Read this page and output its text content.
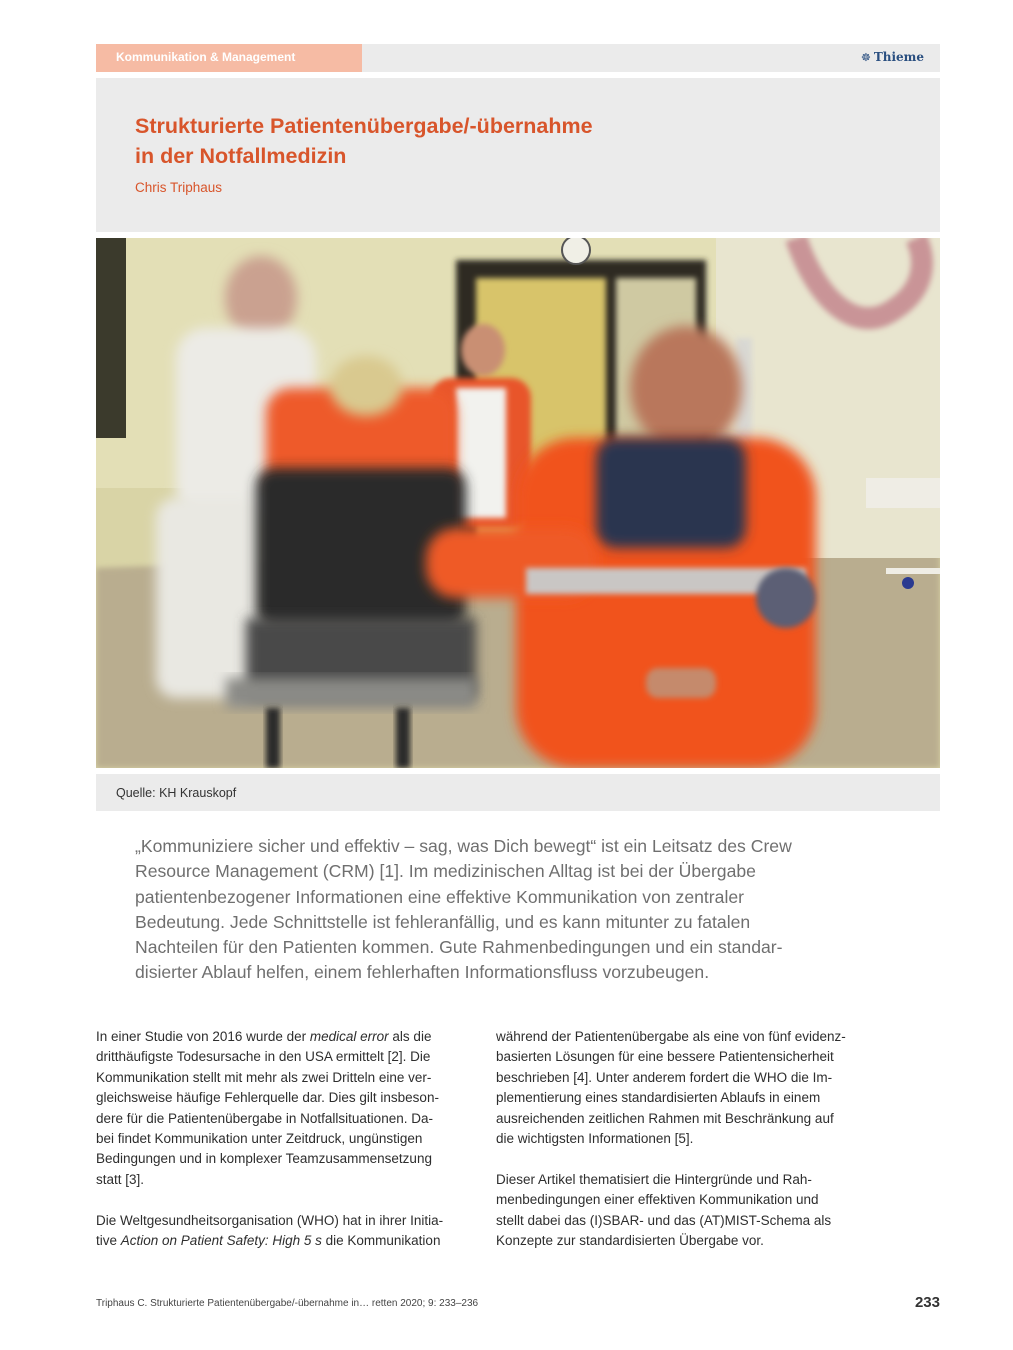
Kommunikation & Management	☸ Thieme
Strukturierte Patientenübergabe/-übernahme
in der Notfallmedizin
Chris Triphaus
Quelle: KH Krauskopf
„Kommuniziere sicher und effektiv – sag, was Dich bewegt“ ist ein Leitsatz des Crew
Resource Management (CRM) [1]. Im medizinischen Alltag ist bei der Übergabe
patientenbezogener Informationen eine effektive Kommunikation von zentraler
Bedeutung. Jede Schnittstelle ist fehleranfällig, und es kann mitunter zu fatalen
Nachteilen für den Patienten kommen. Gute Rahmenbedingungen und ein standar-
disierter Ablauf helfen, einem fehlerhaften Informationsfluss vorzubeugen.
In einer Studie von 2016 wurde der medical error als die
dritthäufigste Todesursache in den USA ermittelt [2]. Die
Kommunikation stellt mit mehr als zwei Dritteln eine ver-
gleichsweise häufige Fehlerquelle dar. Dies gilt insbeson-
dere für die Patientenübergabe in Notfallsituationen. Da-
bei findet Kommunikation unter Zeitdruck, ungünstigen
Bedingungen und in komplexer Teamzusammensetzung
statt [3].
Die Weltgesundheitsorganisation (WHO) hat in ihrer Initia-
tive Action on Patient Safety: High 5 s die Kommunikation
während der Patientenübergabe als eine von fünf evidenz-
basierten Lösungen für eine bessere Patientensicherheit
beschrieben [4]. Unter anderem fordert die WHO die Im-
plementierung eines standardisierten Ablaufs in einem
ausreichenden zeitlichen Rahmen mit Beschränkung auf
die wichtigsten Informationen [5].
Dieser Artikel thematisiert die Hintergründe und Rah-
menbedingungen einer effektiven Kommunikation und
stellt dabei das (I)SBAR- und das (AT)MIST-Schema als
Konzepte zur standardisierten Übergabe vor.
Triphaus C. Strukturierte Patientenübergabe/-übernahme in… retten 2020; 9: 233–236	233
